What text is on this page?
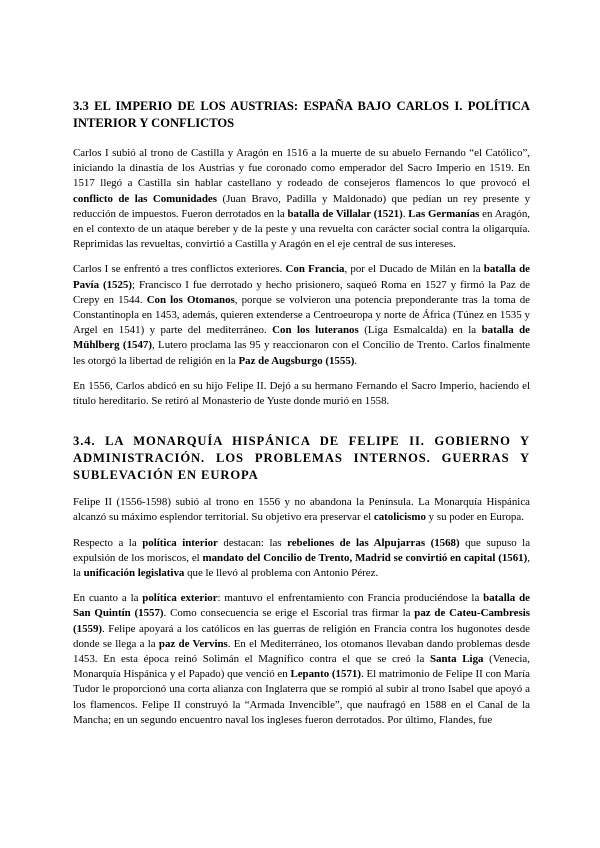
3.3 EL IMPERIO DE LOS AUSTRIAS: ESPAÑA BAJO CARLOS I. POLÍTICA INTERIOR Y CONFLICTOS

Carlos I subió al trono de Castilla y Aragón en 1516 a la muerte de su abuelo Fernando “el Católico”, iniciando la dinastía de los Austrias y fue coronado como emperador del Sacro Imperio en 1519. En 1517 llegó a Castilla sin hablar castellano y rodeado de consejeros flamencos lo que provocó el conflicto de las Comunidades (Juan Bravo, Padilla y Maldonado) que pedían un rey presente y reducción de impuestos. Fueron derrotados en la batalla de Villalar (1521). Las Germanías en Aragón, en el contexto de un ataque bereber y de la peste y una revuelta con carácter social contra la oligarquía. Reprimidas las revueltas, convirtió a Castilla y Aragón en el eje central de sus intereses.

Carlos I se enfrentó a tres conflictos exteriores. Con Francia, por el Ducado de Milán en la batalla de Pavía (1525); Francisco I fue derrotado y hecho prisionero, saqueó Roma en 1527 y firmó la Paz de Crepy en 1544. Con los Otomanos, porque se volvieron una potencia preponderante tras la toma de Constantinopla en 1453, además, quieren extenderse a Centroeuropa y norte de África (Túnez en 1535 y Argel en 1541) y parte del mediterráneo. Con los luteranos (Liga Esmalcalda) en la batalla de Mühlberg (1547), Lutero proclama las 95 y reaccionaron con el Concilio de Trento. Carlos finalmente les otorgó la libertad de religión en la Paz de Augsburgo (1555).

En 1556, Carlos abdicó en su hijo Felipe II. Dejó a su hermano Fernando el Sacro Imperio, haciendo el título hereditario. Se retiró al Monasterio de Yuste donde murió en 1558.

3.4. LA MONARQUÍA HISPÁNICA DE FELIPE II. GOBIERNO Y ADMINISTRACIÓN. LOS PROBLEMAS INTERNOS. GUERRAS Y SUBLEVACIÓN EN EUROPA

Felipe II (1556-1598) subió al trono en 1556 y no abandona la Península. La Monarquía Hispánica alcanzó su máximo esplendor territorial. Su objetivo era preservar el catolicismo y su poder en Europa.

Respecto a la política interior destacan: las rebeliones de las Alpujarras (1568) que supuso la expulsión de los moriscos, el mandato del Concilio de Trento, Madrid se convirtió en capital (1561), la unificación legislativa que le llevó al problema con Antonio Pérez.

En cuanto a la política exterior: mantuvo el enfrentamiento con Francia produciéndose la batalla de San Quintín (1557). Como consecuencia se erige el Escorial tras firmar la paz de Cateu-Cambresis (1559). Felipe apoyará a los católicos en las guerras de religión en Francia contra los hugonotes desde donde se llega a la paz de Vervins. En el Mediterráneo, los otomanos llevaban dando problemas desde 1453. En esta época reinó Solimán el Magnífico contra el que se creó la Santa Liga (Venecia, Monarquía Hispánica y el Papado) que venció en Lepanto (1571). El matrimonio de Felipe II con María Tudor le proporcionó una corta alianza con Inglaterra que se rompió al subir al trono Isabel que apoyó a los flamencos. Felipe II construyó la “Armada Invencible”, que naufragó en 1588 en el Canal de la Mancha; en un segundo encuentro naval los ingleses fueron derrotados. Por último, Flandes, fue
